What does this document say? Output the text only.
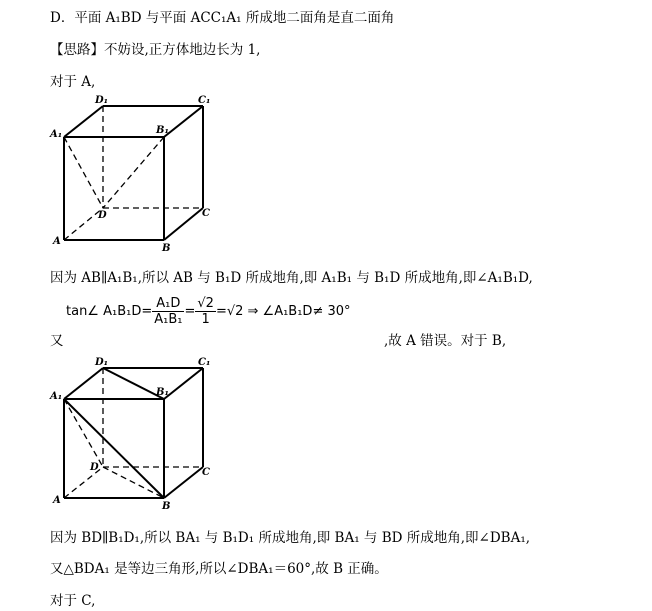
D．平面 A₁BD 与平面 ACC₁A₁ 所成地二面角是直二面角
【思路】不妨设,正方体地边长为 1,
对于 A,
D₁	C₁
A₁	B₁
D	C
A
B
因为 AB∥A₁B₁,所以 AB 与 B₁D 所成地角,即 A₁B₁ 与 B₁D 所成地角,即∠A₁B₁D,
又
tan∠ $A_1B_1D= \frac{\text{A₁D}}{\text{A₁B₁}} = \frac{√2}{1} =√2$ ⇒ ∠A₁B₁D≠ 30°
,故 A 错误。对于 B,
D₁	C₁
A₁	B₁
D	C
A
B
因为 BD∥B₁D₁,所以 BA₁ 与 B₁D₁ 所成地角,即 BA₁ 与 BD 所成地角,即∠DBA₁,
又△BDA₁ 是等边三角形,所以∠DBA₁＝60°,故 B 正确。
对于 C,
